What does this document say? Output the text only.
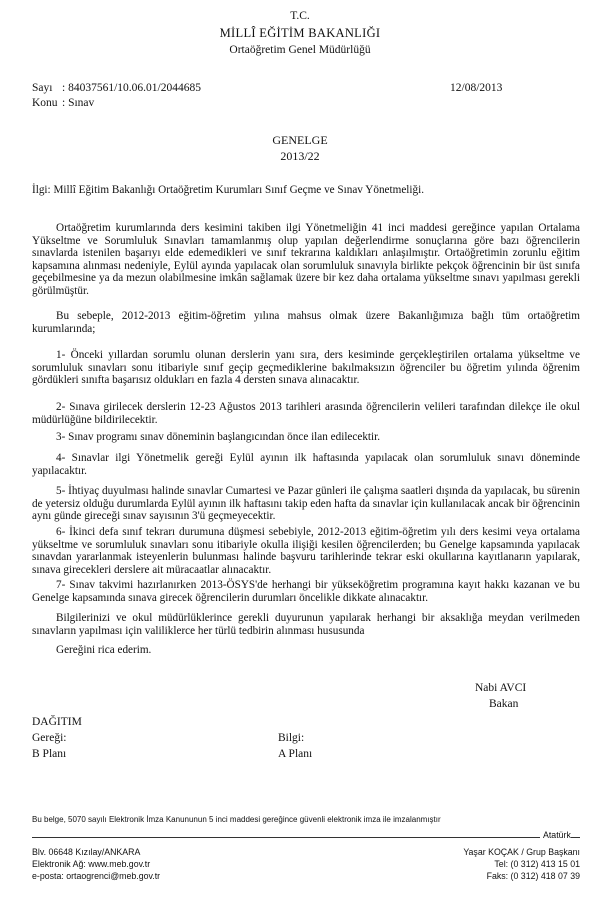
T.C.
MİLLÎ EĞİTİM BAKANLIĞI
Ortaöğretim Genel Müdürlüğü
Sayı : 84037561/10.06.01/2044685	12/08/2013
Konu : Sınav
GENELGE
2013/22
İlgi: Millî Eğitim Bakanlığı Ortaöğretim Kurumları Sınıf Geçme ve Sınav Yönetmeliği.
Ortaöğretim kurumlarında ders kesimini takiben ilgi Yönetmeliğin 41 inci maddesi gereğince yapılan Ortalama Yükseltme ve Sorumluluk Sınavları tamamlanmış olup yapılan değerlendirme sonuçlarına göre bazı öğrencilerin sınavlarda istenilen başarıyı elde edemedikleri ve sınıf tekrarına kaldıkları anlaşılmıştır. Ortaöğretimin zorunlu eğitim kapsamına alınması nedeniyle, Eylül ayında yapılacak olan sorumluluk sınavıyla birlikte pekçok öğrencinin bir üst sınıfa geçebilmesine ya da mezun olabilmesine imkân sağlamak üzere bir kez daha ortalama yükseltme sınavı yapılması gerekli görülmüştür.
Bu sebeple, 2012-2013 eğitim-öğretim yılına mahsus olmak üzere Bakanlığımıza bağlı tüm ortaöğretim kurumlarında;
1- Önceki yıllardan sorumlu olunan derslerin yanı sıra, ders kesiminde gerçekleştirilen ortalama yükseltme ve sorumluluk sınavları sonu itibariyle sınıf geçip geçmediklerine bakılmaksızın öğrenciler bu öğretim yılında öğrenim gördükleri sınıfta başarısız oldukları en fazla 4 dersten sınava alınacaktır.
2- Sınava girilecek derslerin 12-23 Ağustos 2013 tarihleri arasında öğrencilerin velileri tarafından dilekçe ile okul müdürlüğüne bildirilecektir.
3- Sınav programı sınav döneminin başlangıcından önce ilan edilecektir.
4- Sınavlar ilgi Yönetmelik gereği Eylül ayının ilk haftasında yapılacak olan sorumluluk sınavı döneminde yapılacaktır.
5- İhtiyaç duyulması halinde sınavlar Cumartesi ve Pazar günleri ile çalışma saatleri dışında da yapılacak, bu sürenin de yetersiz olduğu durumlarda Eylül ayının ilk haftasını takip eden hafta da sınavlar için kullanılacak ancak bir öğrencinin aynı günde gireceği sınav sayısının 3'ü geçmeyecektir.
6- İkinci defa sınıf tekrarı durumuna düşmesi sebebiyle, 2012-2013 eğitim-öğretim yılı ders kesimi veya ortalama yükseltme ve sorumluluk sınavları sonu itibariyle okulla ilişiği kesilen öğrencilerden; bu Genelge kapsamında yapılacak sınavdan yararlanmak isteyenlerin bulunması halinde başvuru tarihlerinde tekrar eski okullarına kayıtlanarın yapılarak, sınava girecekleri derslere ait müracaatlar alınacaktır.
7- Sınav takvimi hazırlanırken 2013-ÖSYS'de herhangi bir yükseköğretim programına kayıt hakkı kazanan ve bu Genelge kapsamında sınava girecek öğrencilerin durumları öncelikle dikkate alınacaktır.
Bilgilerinizi ve okul müdürlüklerince gerekli duyurunun yapılarak herhangi bir aksaklığa meydan verilmeden sınavların yapılması için valiliklerce her türlü tedbirin alınması hususunda
Gereğini rica ederim.
Nabi AVCI
Bakan
DAĞITIM
Gereği:
B Planı
Bilgi:
A Planı
Bu belge, 5070 sayılı Elektronik İmza Kanununun 5 inci maddesi gereğince güvenli elektronik imza ile imzalanmıştır
Atatürk
Blv. 06648 Kızılay/ANKARA
Elektronik Ağ: www.meb.gov.tr
e-posta: ortaogrenci@meb.gov.tr
Yaşar KOÇAK / Grup Başkanı
Tel: (0 312) 413 15 01
Faks: (0 312) 418 07 39
